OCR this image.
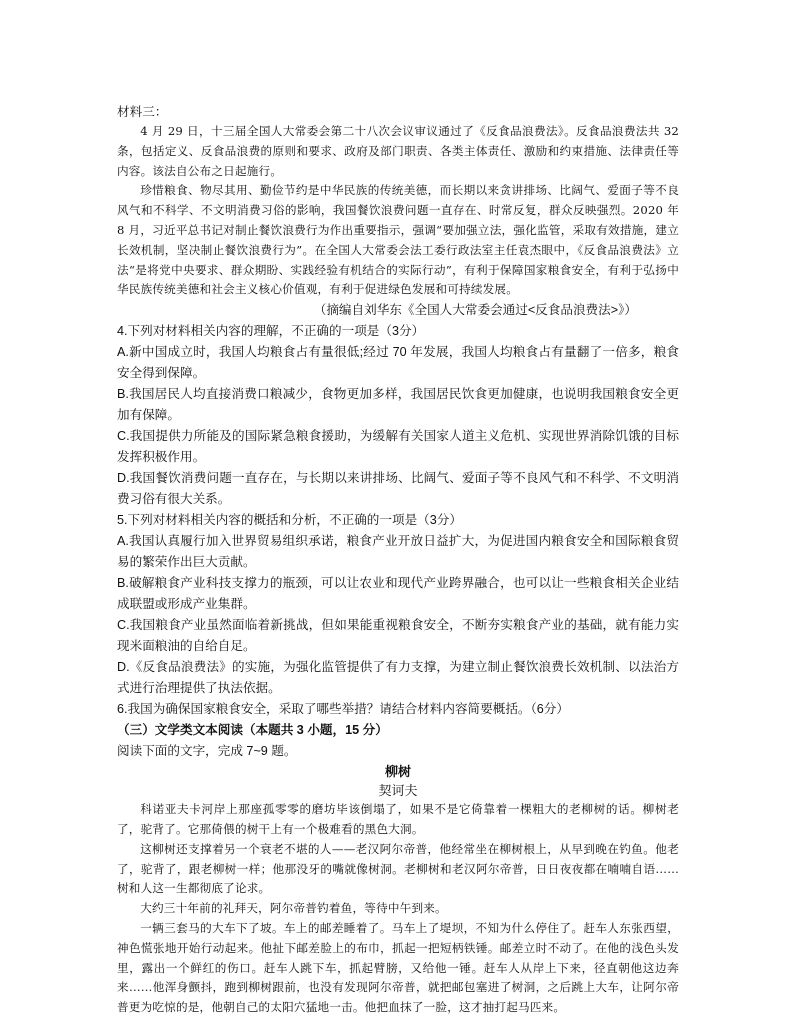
材料三：

4 月 29 日，十三届全国人大常委会第二十八次会议审议通过了《反食品浪费法》。反食品浪费法共 32 条，包括定义、反食品浪费的原则和要求、政府及部门职责、各类主体责任、激励和约束措施、法律责任等内容。该法自公布之日起施行。

珍惜粮食、物尽其用、勤俭节约是中华民族的传统美德，而长期以来贪讲排场、比阔气、爱面子等不良风气和不科学、不文明消费习俗的影响，我国餐饮浪费问题一直存在、时常反复，群众反映强烈。2020 年 8 月，习近平总书记对制止餐饮浪费行为作出重要指示，强调“要加强立法，强化监管，采取有效措施，建立长效机制，坚决制止餐饮浪费行为”。在全国人大常委会法工委行政法室主任袁杰眼中，《反食品浪费法》立法“是将党中央要求、群众期盼、实践经验有机结合的实际行动”，有利于保障国家粮食安全，有利于弘扬中华民族传统美德和社会主义核心价值观，有利于促进绿色发展和可持续发展。

（摘编自刘华东《全国人大常委会通过<反食品浪费法>》）

4.下列对材料相关内容的理解，不正确的一项是（3分）

A.新中国成立时，我国人均粮食占有量很低;经过 70 年发展，我国人均粮食占有量翻了一倍多，粮食安全得到保障。

B.我国居民人均直接消费口粮减少，食物更加多样，我国居民饮食更加健康，也说明我国粮食安全更加有保障。

C.我国提供力所能及的国际紧急粮食援助，为缓解有关国家人道主义危机、实现世界消除饥饿的目标发挥积极作用。

D.我国餐饮消费问题一直存在，与长期以来讲排场、比阔气、爱面子等不良风气和不科学、不文明消费习俗有很大关系。

5.下列对材料相关内容的概括和分析，不正确的一项是（3分）

A.我国认真履行加入世界贸易组织承诺，粮食产业开放日益扩大，为促进国内粮食安全和国际粮食贸易的繁荣作出巨大贡献。

B.破解粮食产业科技支撑力的瓶颈，可以让农业和现代产业跨界融合，也可以让一些粮食相关企业结成联盟或形成产业集群。

C.我国粮食产业虽然面临着新挑战，但如果能重视粮食安全，不断夯实粮食产业的基础，就有能力实现米面粮油的自给自足。

D.《反食品浪费法》的实施，为强化监管提供了有力支撑，为建立制止餐饮浪费长效机制、以法治方式进行治理提供了执法依据。

6.我国为确保国家粮食安全，采取了哪些举措？请结合材料内容简要概括。（6分）

（三）文学类文本阅读（本题共 3 小题，15 分）

阅读下面的文字，完成 7~9 题。

柳树

契诃夫

科诺亚夫卡河岸上那座孤零零的磨坊毕该倒塌了，如果不是它倚靠着一棵粗大的老柳树的话。柳树老了，驼背了。它那倚偎的树干上有一个极难看的黑色大洞。

这柳树还支撑着另一个衰老不堪的人——老汉阿尔帝普，他经常坐在柳树根上，从早到晚在钓鱼。他老了，驼背了，跟老柳树一样；他那没牙的嘴就像树洞。老柳树和老汉阿尔帝普，日日夜夜都在喃喃自语……树和人这一生都彻底了论求。

大约三十年前的礼拜天，阿尔帝普钓着鱼，等待中午到来。

一辆三套马的大车下了坡。车上的邮差睡着了。马车上了堤坝，不知为什么停住了。赶车人东张西望，神色慌张地开始行动起来。他扯下邮差脸上的布巾，抓起一把短柄铁锤。邮差立时不动了。在他的浅色头发里，露出一个鲜红的伤口。赶车人跳下车，抓起臂膀，又给他一锤。赶车人从岸上下来，径直朝他这边奔来……他浑身颤抖，跑到柳树跟前，也没有发现阿尔帝普，就把邮包塞进了树洞，之后跳上大车，让阿尔帝普更为吃惊的是，他朝自己的太阳穴猛地一击。他把血抹了一脸，这才抽打起马匹来。
